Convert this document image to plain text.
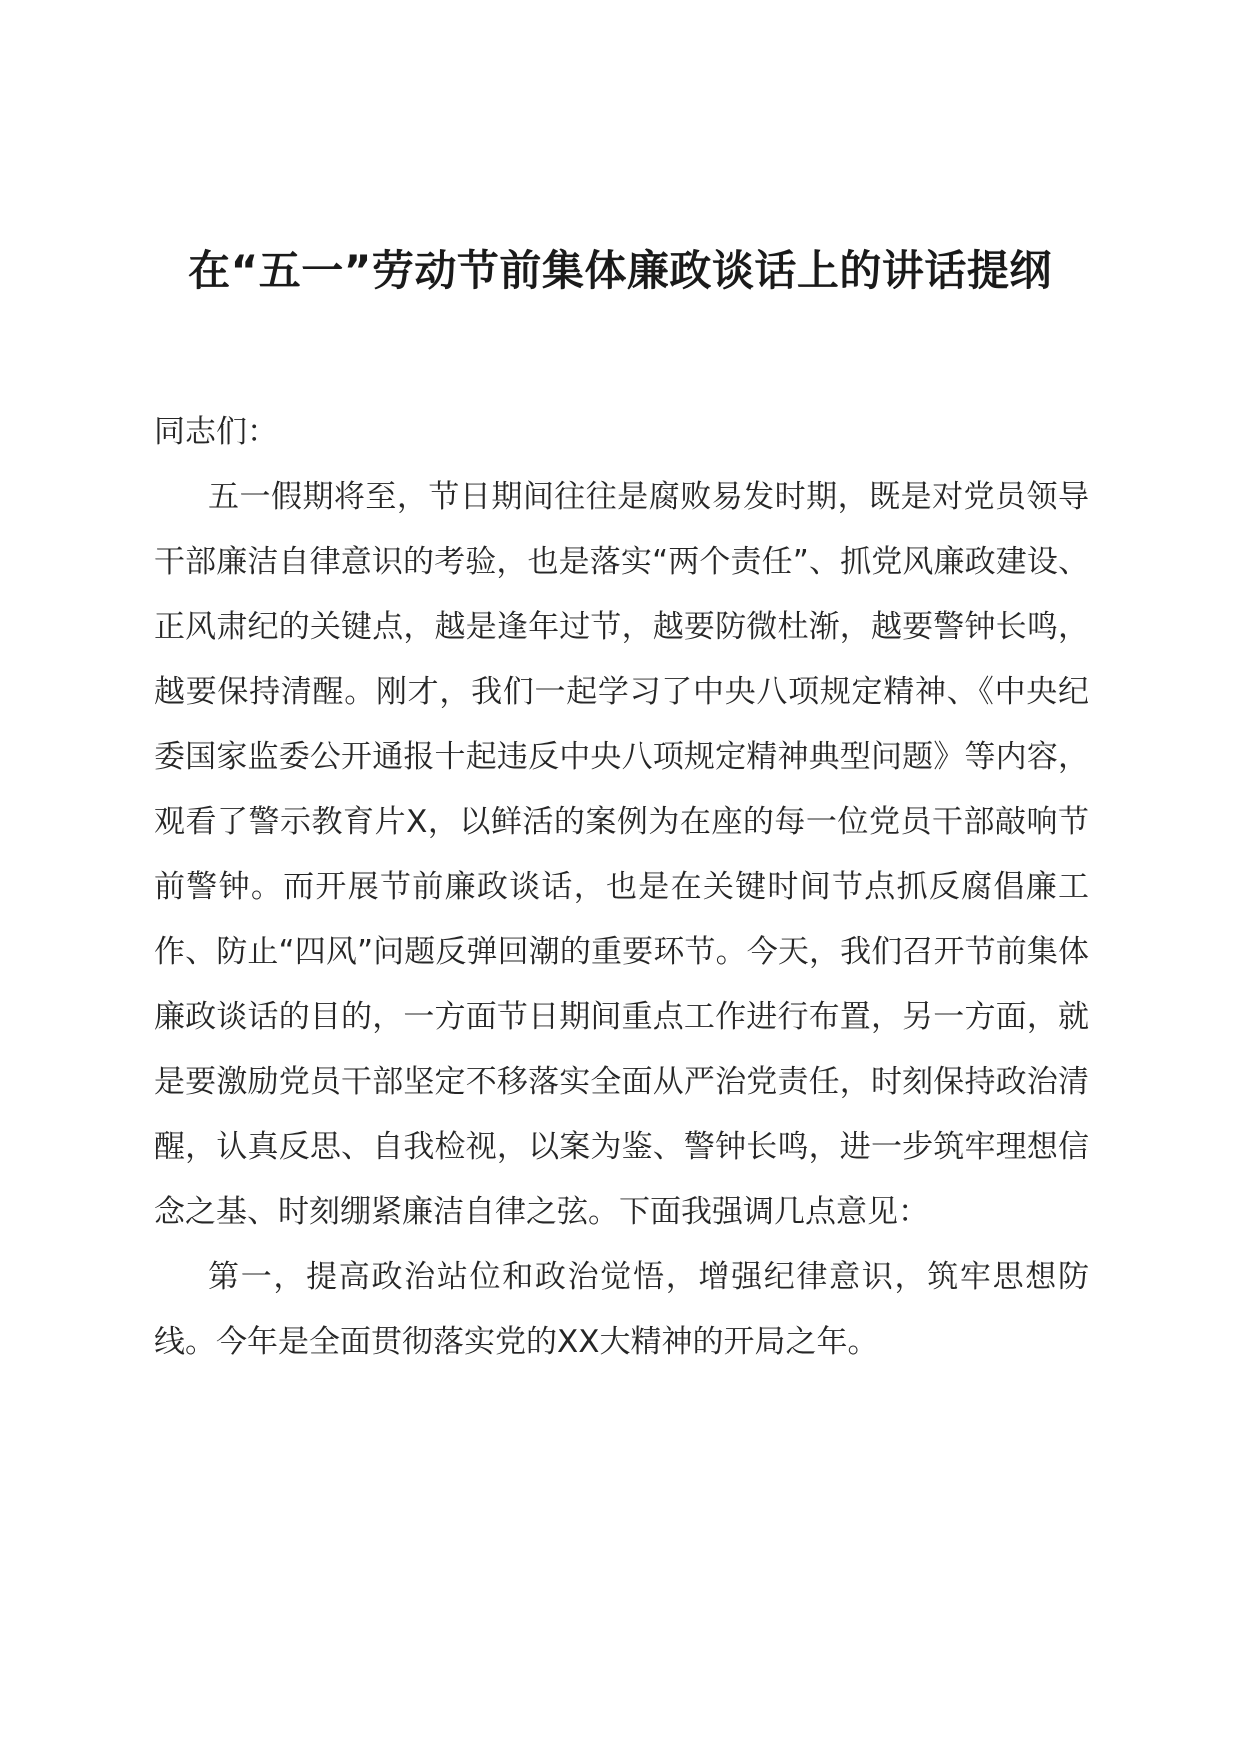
在“五一”劳动节前集体廉政谈话上的讲话提纲

同志们：

五一假期将至，节日期间往往是腐败易发时期，既是对党员领导干部廉洁自律意识的考验，也是落实“两个责任”、抓党风廉政建设、正风肃纪的关键点，越是逢年过节，越要防微杜渐，越要警钟长鸣，越要保持清醒。刚才，我们一起学习了中央八项规定精神、《中央纪委国家监委公开通报十起违反中央八项规定精神典型问题》等内容，观看了警示教育片X，以鲜活的案例为在座的每一位党员干部敲响节前警钟。而开展节前廉政谈话，也是在关键时间节点抓反腐倡廉工作、防止“四风”问题反弹回潮的重要环节。今天，我们召开节前集体廉政谈话的目的，一方面节日期间重点工作进行布置，另一方面，就是要激励党员干部坚定不移落实全面从严治党责任，时刻保持政治清醒，认真反思、自我检视，以案为鉴、警钟长鸣，进一步筑牢理想信念之基、时刻绷紧廉洁自律之弦。下面我强调几点意见：

第一，提高政治站位和政治觉悟，增强纪律意识，筑牢思想防线。今年是全面贯彻落实党的XX大精神的开局之年。
